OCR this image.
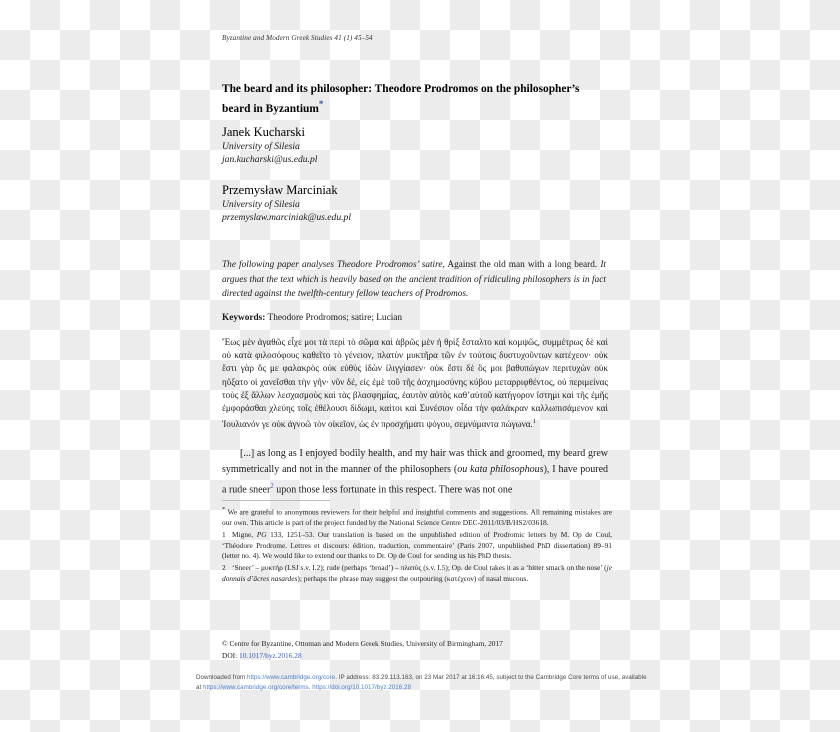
Byzantine and Modern Greek Studies 41 (1) 45–54
The beard and its philosopher: Theodore Prodromos on the philosopher’s beard in Byzantium*
Janek Kucharski
University of Silesia
jan.kucharski@us.edu.pl
Przemysław Marciniak
University of Silesia
przemyslaw.marciniak@us.edu.pl
The following paper analyses Theodore Prodromos’ satire, Against the old man with a long beard. It argues that the text which is heavily based on the ancient tradition of ridiculing philosophers is in fact directed against the twelfth-century fellow teachers of Prodromos.
Keywords: Theodore Prodromos; satire; Lucian
Ἕως μὲν ἀγαθῶς εἶχε μοι τὰ περὶ τὸ σῶμα καὶ ἁβρῶς μὲν ἡ θρὶξ ἔσταλτο καὶ κομψῶς, συμμέτρως δὲ καὶ οὐ κατὰ φιλοσόφους καθεῖτο τὸ γένειον, πλατὺν μυκτῆρα τῶν ἐν τούτοις δυστυχοῦντων κατέχεον· οὐκ ἔστι γὰρ ὃς με φαλακρὸς οὐκ εὐθὺς ἰδὼν ἰλιγγίασεν· οὐκ ἔστι δὲ ὃς μοι βαθυπώγων περιτυχὼν οὐκ ηὔξατο οἱ χανεῖσθαι τὴν γῆν· νῦν δέ, εἰς ἐμὲ τοῦ τῆς ἀσχημοσύνης κύβου μεταρριφθέντος, οὐ περιμείνας τοὺς ἐξ ἄλλων λεσχασμοὺς καὶ τὰς βλασφημίας, ἐαυτὸν αὐτὸς καθ’αὑτοῦ κατήγορον ἵστημι καὶ τῆς ἐμῆς ἐμφοράσθαι χλεύης τοῖς ἐθέλουσι δίδωμι, καίτοι καὶ Συνέσιον οἶδα τὴν φαλάκραν καλλωπισάμενον καὶ Ἰουλιανόν γε οὐκ ἀγνοῶ τὸν οἰκεῖον, ὡς ἐν προσχήματι ψόγου, σεμνύμαντα πώγωνα.$^1$
[...] as long as I enjoyed bodily health, and my hair was thick and groomed, my beard grew symmetrically and not in the manner of the philosophers (ou kata philosophous), I have poured a rude sneer$^2$ upon those less fortunate in this respect. There was not one
* We are grateful to anonymous reviewers for their helpful and insightful comments and suggestions. All remaining mistakes are our own. This article is part of the project funded by the National Science Centre DEC-2011/03/B/HS2/03618.
1 Migne, PG 133, 1251–53. Our translation is based on the unpublished edition of Prodromic letters by M. Op de Coul, ‘Théodore Prodrome. Lettres et discours: édition, traduction, commentaire’ (Paris 2007, unpublished PhD dissertation) 89–91 (letter no. 4). We would like to extend our thanks to Dr. Op de Coul for sending us his PhD thesis.
2 ‘Sneer’ – μυκτήρ (LSJ s.v. I.2); rude (perhaps ‘broad’) – πλατύς (s.v. I.5); Op. de Coul takes it as a ‘bitter smack on the nose’ (je donnais d’âcres nasardes); perhaps the phrase may suggest the outpouring (κατέχεον) of nasal mucous.
© Centre for Byzantine, Ottoman and Modern Greek Studies, University of Birmingham, 2017
DOI: 10.1017/byz.2016.28
Downloaded from https://www.cambridge.org/core. IP address: 83.29.113.163, on 23 Mar 2017 at 16:16:45, subject to the Cambridge Core terms of use, available
at https://www.cambridge.org/core/terms. https://doi.org/10.1017/byz.2016.28
